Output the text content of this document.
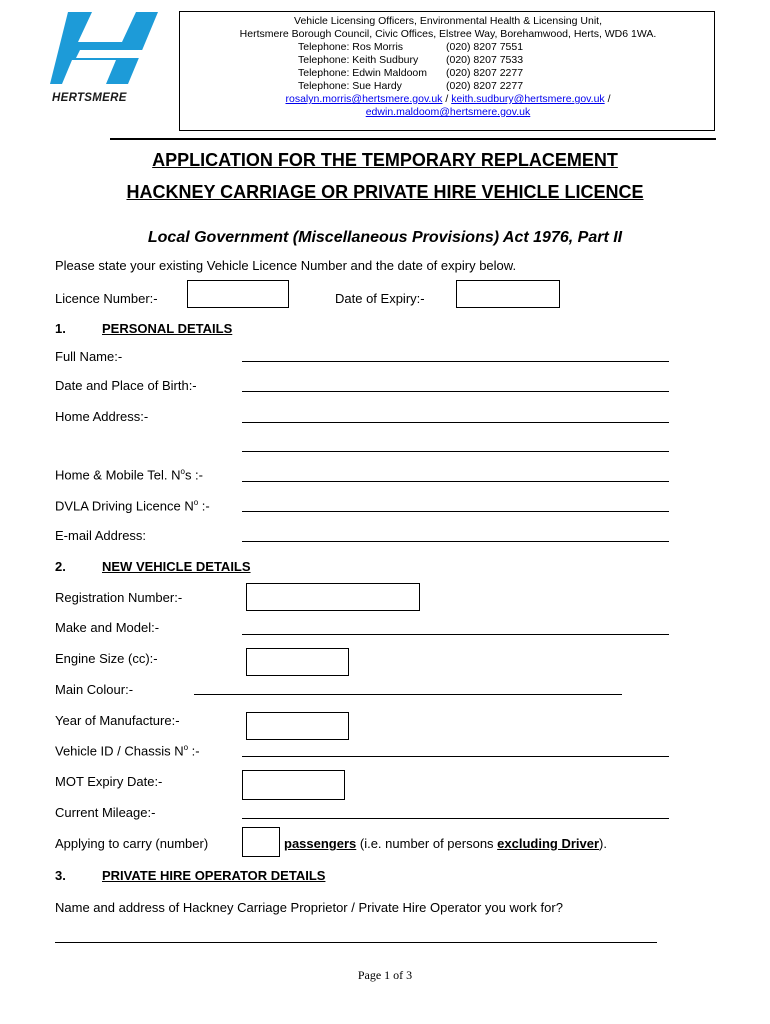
HERTSMERE
Vehicle Licensing Officers, Environmental Health & Licensing Unit,
Hertsmere Borough Council, Civic Offices, Elstree Way, Borehamwood, Herts, WD6 1WA.
Telephone: Ros Morris	(020) 8207 7551
Telephone: Keith Sudbury	(020) 8207 7533
Telephone: Edwin Maldoom (020) 8207 2277
Telephone: Sue Hardy	(020) 8207 2277
rosalyn.morris@hertsmere.gov.uk / keith.sudbury@hertsmere.gov.uk /
edwin.maldoom@hertsmere.gov.uk
APPLICATION FOR THE TEMPORARY REPLACEMENT
HACKNEY CARRIAGE OR PRIVATE HIRE VEHICLE LICENCE
Local Government (Miscellaneous Provisions) Act 1976, Part II
Please state your existing Vehicle Licence Number and the date of expiry below.
Licence Number:-	Date of Expiry:-
1.	PERSONAL DETAILS
Full Name:-
Date and Place of Birth:-
Home Address:-
Home & Mobile Tel. $N^os$ :-
DVLA Driving Licence $N^o$ :-
E-mail Address:
2.	NEW VEHICLE DETAILS
Registration Number:-
Make and Model:-
Engine Size (cc):-
Main Colour:-
Year of Manufacture:-
Vehicle ID / Chassis $N^o$ :-
MOT Expiry Date:-
Current Mileage:-
Applying to carry (number)	passengers (i.e. number of persons excluding Driver).
3.	PRIVATE HIRE OPERATOR DETAILS
Name and address of Hackney Carriage Proprietor / Private Hire Operator you work for?
Page 1 of 3
